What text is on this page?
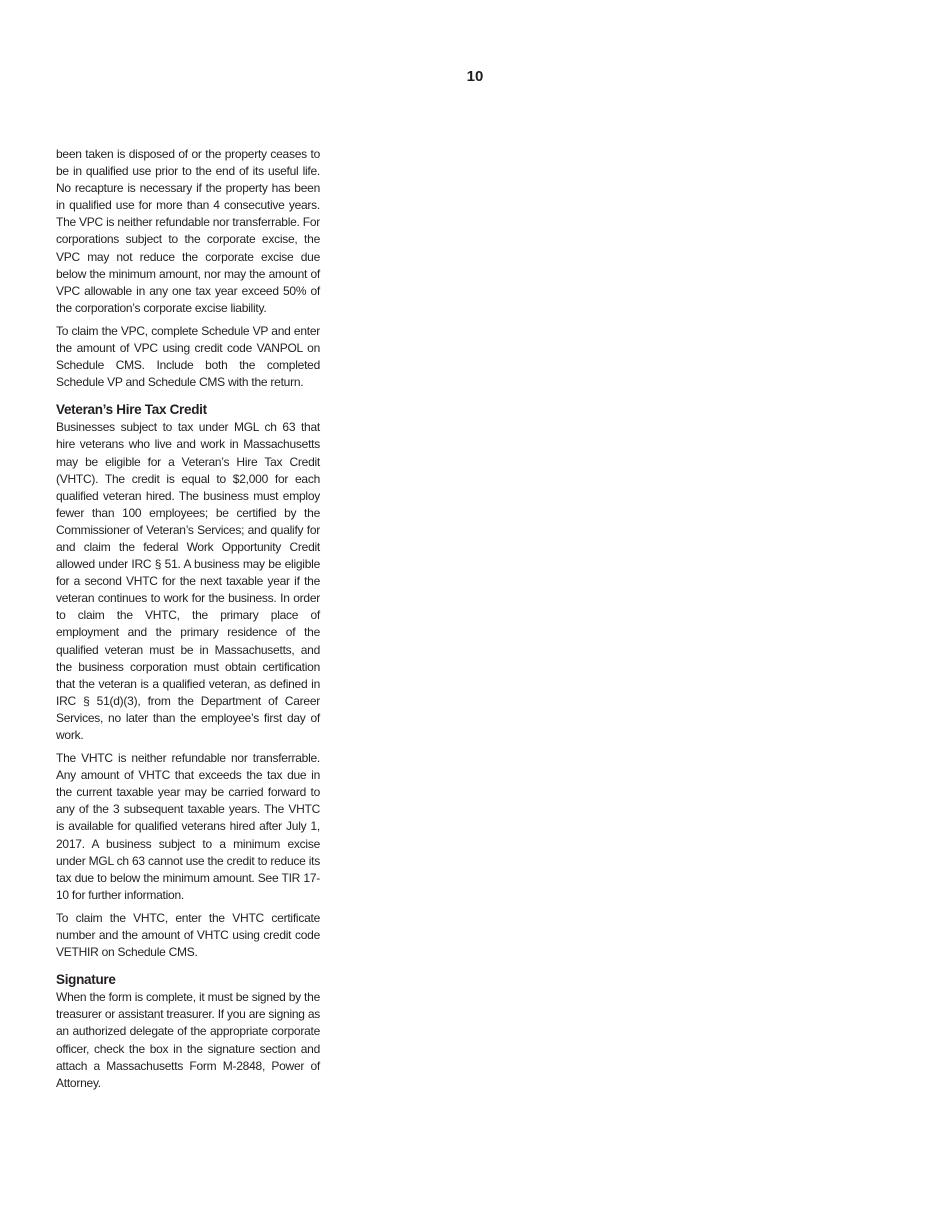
10

been taken is disposed of or the property ceases to be in qualified use prior to the end of its useful life. No recapture is necessary if the property has been in qualified use for more than 4 consecutive years. The VPC is neither refundable nor transferrable. For corporations subject to the corporate excise, the VPC may not reduce the corporate excise due below the minimum amount, nor may the amount of VPC allowable in any one tax year exceed 50% of the corporation’s corporate excise liability.

To claim the VPC, complete Schedule VP and enter the amount of VPC using credit code VANPOL on Schedule CMS. Include both the completed Schedule VP and Schedule CMS with the return.

Veteran’s Hire Tax Credit

Businesses subject to tax under MGL ch 63 that hire veterans who live and work in Massachusetts may be eligible for a Veteran’s Hire Tax Credit (VHTC). The credit is equal to $2,000 for each qualified veteran hired. The business must employ fewer than 100 employees; be certified by the Commissioner of Veteran’s Services; and qualify for and claim the federal Work Opportunity Credit allowed under IRC § 51. A business may be eligible for a second VHTC for the next taxable year if the veteran continues to work for the business. In order to claim the VHTC, the primary place of employment and the primary residence of the qualified veteran must be in Massachusetts, and the business corporation must obtain certification that the veteran is a qualified veteran, as defined in IRC § 51(d)(3), from the Department of Career Services, no later than the employee’s first day of work.

The VHTC is neither refundable nor transferrable. Any amount of VHTC that exceeds the tax due in the current taxable year may be carried forward to any of the 3 subsequent taxable years. The VHTC is available for qualified veterans hired after July 1, 2017. A business subject to a minimum excise under MGL ch 63 cannot use the credit to reduce its tax due to below the minimum amount. See TIR 17-10 for further information.

To claim the VHTC, enter the VHTC certificate number and the amount of VHTC using credit code VETHIR on Schedule CMS.

Signature

When the form is complete, it must be signed by the treasurer or assistant treasurer. If you are signing as an authorized delegate of the appropriate corporate officer, check the box in the signature section and attach a Massachusetts Form M-2848, Power of Attorney.
